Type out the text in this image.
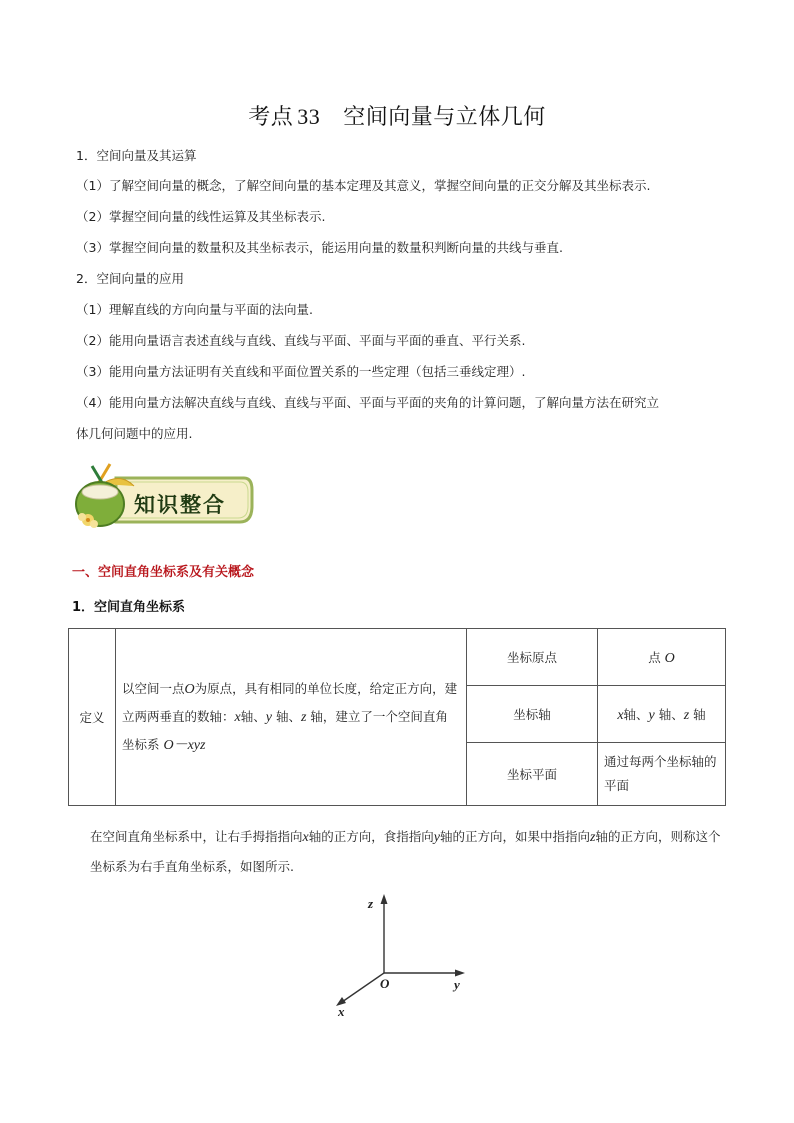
考点 33 空间向量与立体几何
1．空间向量及其运算
（1）了解空间向量的概念，了解空间向量的基本定理及其意义，掌握空间向量的正交分解及其坐标表示.
（2）掌握空间向量的线性运算及其坐标表示.
（3）掌握空间向量的数量积及其坐标表示，能运用向量的数量积判断向量的共线与垂直.
2．空间向量的应用
（1）理解直线的方向向量与平面的法向量.
（2）能用向量语言表述直线与直线、直线与平面、平面与平面的垂直、平行关系.
（3）能用向量方法证明有关直线和平面位置关系的一些定理（包括三垂线定理）.
（4）能用向量方法解决直线与直线、直线与平面、平面与平面的夹角的计算问题，了解向量方法在研究立
体几何问题中的应用.
知识整合
一、空间直角坐标系及有关概念
1．空间直角坐标系
定义	以空间一点O为原点，具有相同的单位长度，给定正方向，建立两两垂直的数轴：x轴、y 轴、z 轴，建立了一个空间直角坐标系 O－xyz	坐标原点	点 O
		坐标轴	x轴、y 轴、z 轴
		坐标平面	通过每两个坐标轴的平面
在空间直角坐标系中，让右手拇指指向x轴的正方向，食指指向y轴的正方向，如果中指指向z轴的正方向，则称这个坐标系为右手直角坐标系，如图所示.
z
O	y
x
